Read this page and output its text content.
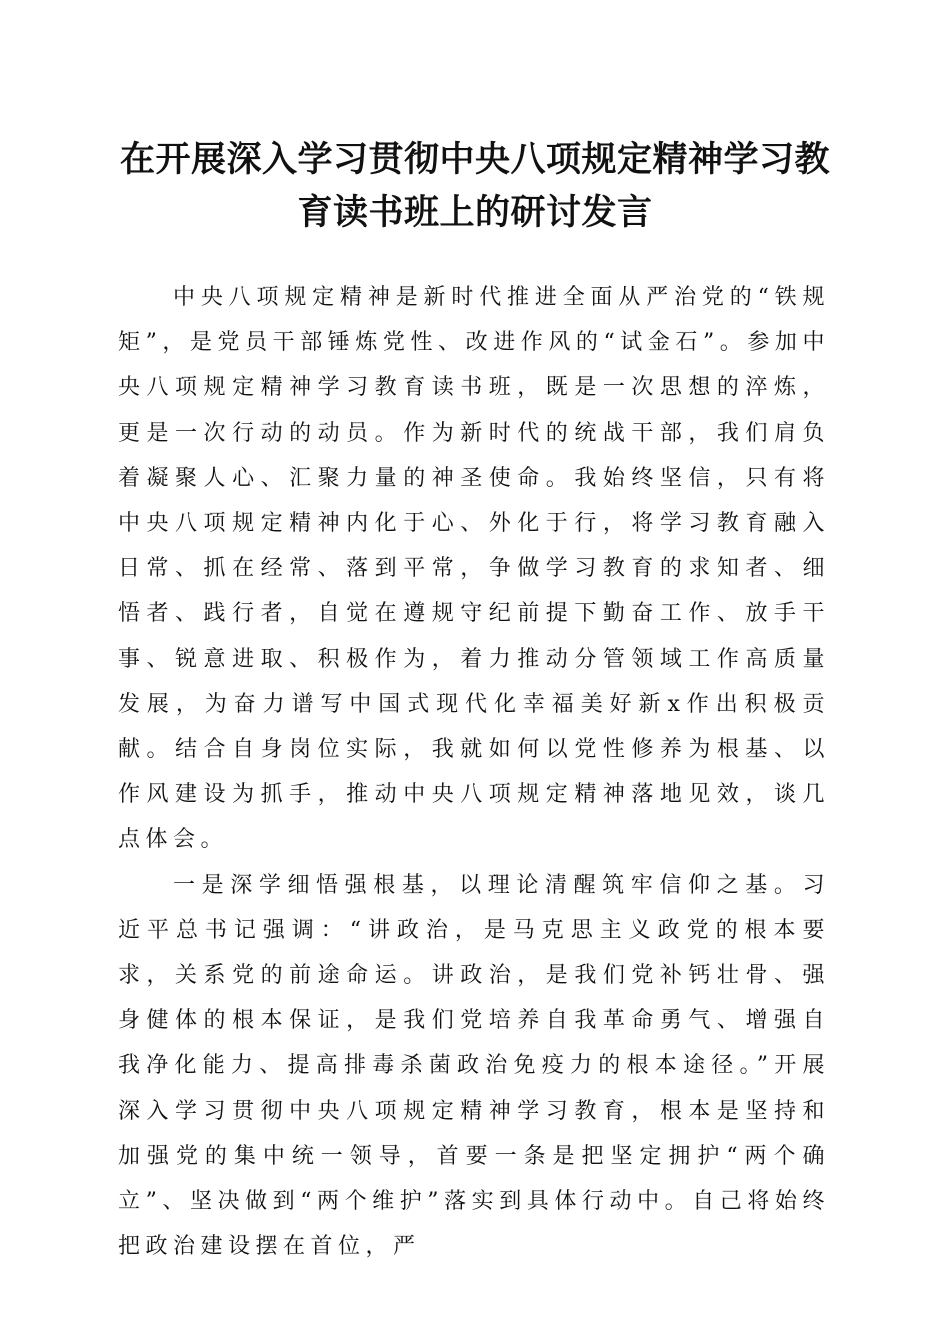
在开展深入学习贯彻中央八项规定精神学习教
育读书班上的研讨发言

中央八项规定精神是新时代推进全面从严治党的“铁规矩”，是党员干部锤炼党性、改进作风的“试金石”。参加中央八项规定精神学习教育读书班，既是一次思想的淬炼，更是一次行动的动员。作为新时代的统战干部，我们肩负着凝聚人心、汇聚力量的神圣使命。我始终坚信，只有将中央八项规定精神内化于心、外化于行，将学习教育融入日常、抓在经常、落到平常，争做学习教育的求知者、细悟者、践行者，自觉在遵规守纪前提下勤奋工作、放手干事、锐意进取、积极作为，着力推动分管领域工作高质量发展，为奋力谱写中国式现代化幸福美好新x作出积极贡献。结合自身岗位实际，我就如何以党性修养为根基、以作风建设为抓手，推动中央八项规定精神落地见效，谈几点体会。

一是深学细悟强根基，以理论清醒筑牢信仰之基。习近平总书记强调：“讲政治，是马克思主义政党的根本要求，关系党的前途命运。讲政治，是我们党补钙壮骨、强身健体的根本保证，是我们党培养自我革命勇气、增强自我净化能力、提高排毒杀菌政治免疫力的根本途径。”开展深入学习贯彻中央八项规定精神学习教育，根本是坚持和加强党的集中统一领导，首要一条是把坚定拥护“两个确立”、坚决做到“两个维护”落实到具体行动中。自己将始终把政治建设摆在首位，严
